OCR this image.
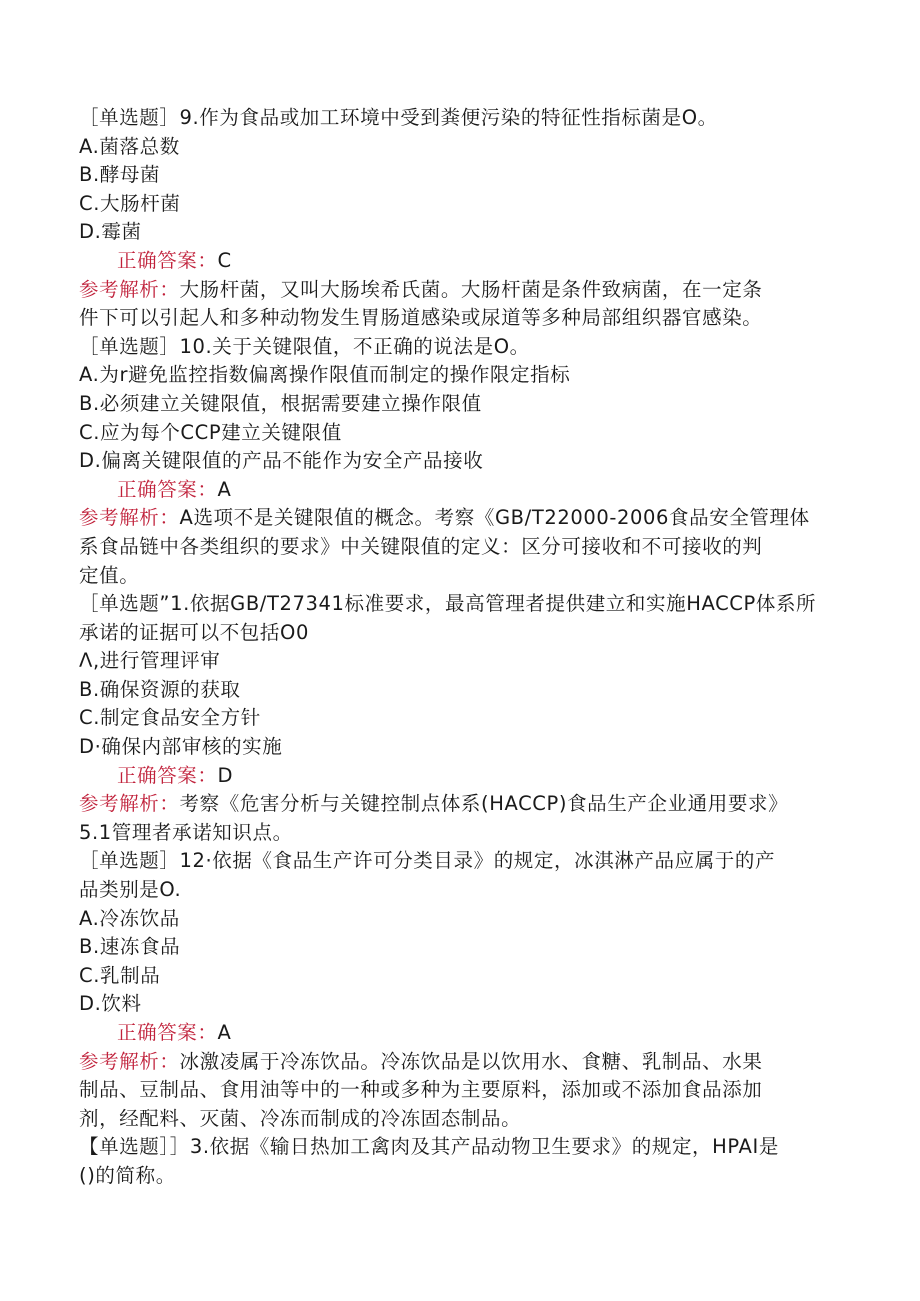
［单选题］9.作为食品或加工环境中受到粪便污染的特征性指标菌是O。
A.菌落总数
B.酵母菌
C.大肠杆菌
D.霉菌
正确答案：C
参考解析：大肠杆菌，又叫大肠埃希氏菌。大肠杆菌是条件致病菌，在一定条
件下可以引起人和多种动物发生胃肠道感染或尿道等多种局部组织器官感染。
［单选题］10.关于关键限值，不正确的说法是O。
A.为r避免监控指数偏离操作限值而制定的操作限定指标
B.必须建立关键限值，根据需要建立操作限值
C.应为每个CCP建立关键限值
D.偏离关键限值的产品不能作为安全产品接收
正确答案：A
参考解析：A选项不是关键限值的概念。考察《GB/T22000-2006食品安全管理体
系食品链中各类组织的要求》中关键限值的定义：区分可接收和不可接收的判
定值。
［单选题”1.依据GB/T27341标准要求，最高管理者提供建立和实施HACCP体系所
承诺的证据可以不包括O0
Λ,进行管理评审
B.确保资源的获取
C.制定食品安全方针
D·确保内部审核的实施
正确答案：D
参考解析：考察《危害分析与关键控制点体系(HACCP)食品生产企业通用要求》
5.1管理者承诺知识点。
［单选题］12·依据《食品生产许可分类目录》的规定，冰淇淋产品应属于的产
品类别是O.
A.冷冻饮品
B.速冻食品
C.乳制品
D.饮料
正确答案：A
参考解析：冰激凌属于冷冻饮品。冷冻饮品是以饮用水、食糖、乳制品、水果
制品、豆制品、食用油等中的一种或多种为主要原料，添加或不添加食品添加
剂，经配料、灭菌、冷冻而制成的冷冻固态制品。
【单选题］］3.依据《输日热加工禽肉及其产品动物卫生要求》的规定，HPAI是
()的简称。
